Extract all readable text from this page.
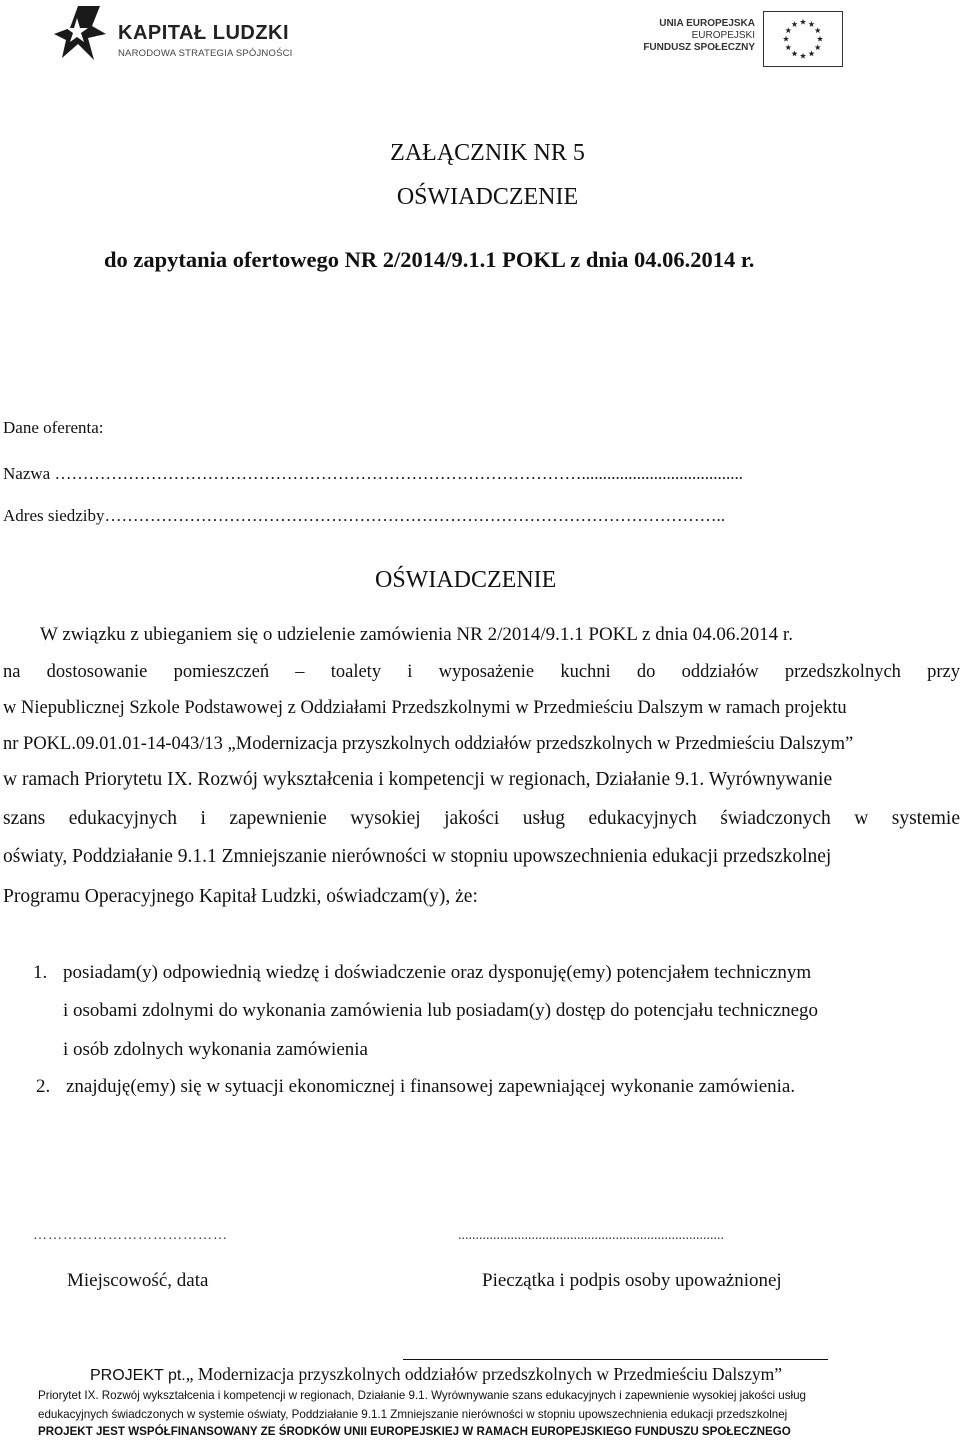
KAPITAŁ LUDZKI
NARODOWA STRATEGIA SPÓJNOŚCI
UNIA EUROPEJSKA
EUROPEJSKI
FUNDUSZ SPOŁECZNY
ZAŁĄCZNIK NR 5
OŚWIADCZENIE
do zapytania ofertowego NR 2/2014/9.1.1 POKL z dnia 04.06.2014 r.
Dane oferenta:
Nazwa …………………………………………………………………………………......................................
Adres siedziby………………………………………………………………………………………………..
OŚWIADCZENIE
W związku z ubieganiem się o udzielenie zamówienia NR 2/2014/9.1.1 POKL z dnia 04.06.2014 r.
na dostosowanie pomieszczeń – toalety i wyposażenie kuchni do oddziałów przedszkolnych przy
w Niepublicznej Szkole Podstawowej z Oddziałami Przedszkolnymi w Przedmieściu Dalszym w ramach projektu
nr POKL.09.01.01-14-043/13 „Modernizacja przyszkolnych oddziałów przedszkolnych w Przedmieściu Dalszym”
w ramach Priorytetu IX. Rozwój wykształcenia i kompetencji w regionach, Działanie 9.1. Wyrównywanie
szans edukacyjnych i zapewnienie wysokiej jakości usług edukacyjnych świadczonych w systemie
oświaty, Poddziałanie 9.1.1 Zmniejszanie nierówności w stopniu upowszechnienia edukacji przedszkolnej
Programu Operacyjnego Kapitał Ludzki, oświadczam(y), że:
1. posiadam(y) odpowiednią wiedzę i doświadczenie oraz dysponuję(emy) potencjałem technicznym
i osobami zdolnymi do wykonania zamówienia lub posiadam(y) dostęp do potencjału technicznego
i osób zdolnych wykonania zamówienia
2. znajduję(emy) się w sytuacji ekonomicznej i finansowej zapewniającej wykonanie zamówienia.
…………………………………	............................................................................
Miejscowość, data	Pieczątka i podpis osoby upoważnionej
PROJEKT pt.„ Modernizacja przyszkolnych oddziałów przedszkolnych w Przedmieściu Dalszym”
Priorytet IX. Rozwój wykształcenia i kompetencji w regionach, Działanie 9.1. Wyrównywanie szans edukacyjnych i zapewnienie wysokiej jakości usług
edukacyjnych świadczonych w systemie oświaty, Poddziałanie 9.1.1 Zmniejszanie nierówności w stopniu upowszechnienia edukacji przedszkolnej
PROJEKT JEST WSPÓŁFINANSOWANY ZE ŚRODKÓW UNII EUROPEJSKIEJ W RAMACH EUROPEJSKIEGO FUNDUSZU SPOŁECZNEGO
